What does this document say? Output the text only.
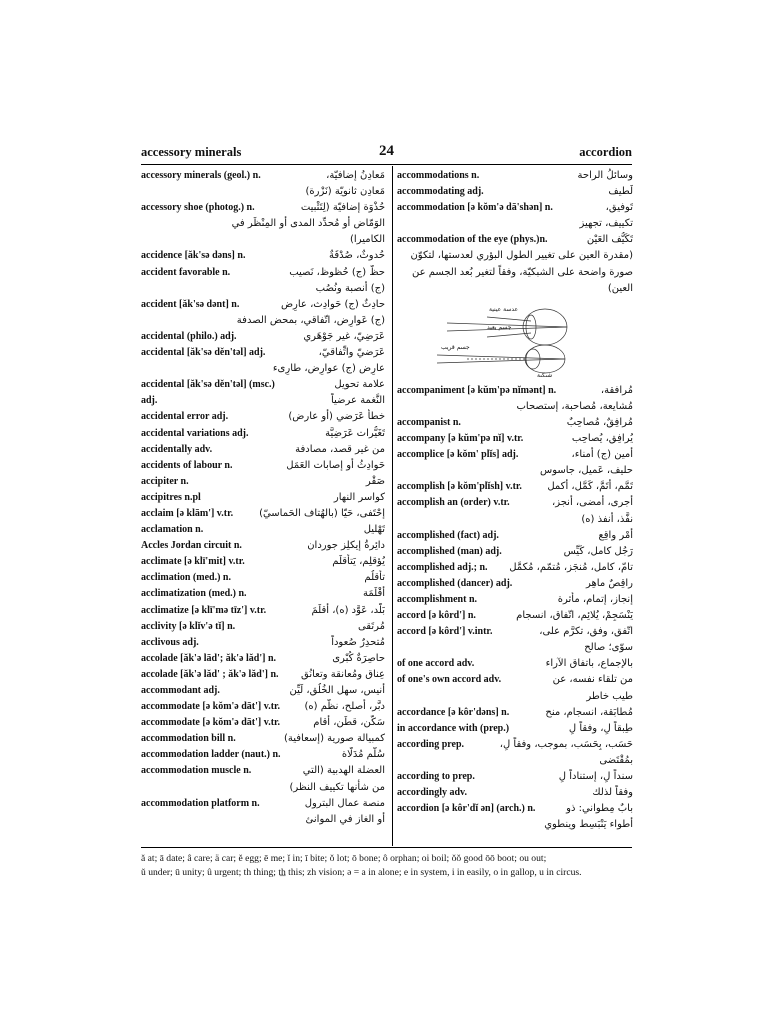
accessory minerals	24	accordion
accessory minerals (geol.) n.	مَعادِنُ إضافيّة،
مَعادِن ثانويّة (نَزْرة)
accessory shoe (photog.) n.	حُذْوَة إضافيّة (لِتَثْبيت
الوَمّاض أو مُحدِّد المدى أو المِنْظَر في
الكاميرا)
accidence [ăk'sə dəns] n.	حُدوثٌ، صُدْفَةٌ
accident favorable n.	حظّ (ج) حُظوظ، نَصيب
(ج) أنصبة ونُصُب
accident [ăk'sə dənt] n.	حادِثٌ (ج) حَوادِث، عارِض
(ج) عَوارِض، اتّفاقي، بمحض الصدفة
accidental (philo.) adj.	عَرَضِيّ، غير جَوْهَري
accidental [ăk'sə děn'təl] adj.	عَرَضيّ واتِّفاقيّ،
عارِض (ج) عوارِض، طارِىء
accidental [ăk'sə děn'təl] (msc.)	علامة تحويل
adj.	النَّغمة عرضياً
accidental error adj.	خطأ عَرَضي (أو عارض)
accidental variations adj.	تَغَيُّرات عَرَضِيَّة
accidentally adv.	من غير قصد، مصادفة
accidents of labour n.	حَوادِثُ أو إصابات العَمَل
accipiter n.	صَقْر
accipitres n.pl	كواسر النهار
acclaim [ə klām'] v.tr.	إحْتَفى، حَيّا (بالهُتاف الحَماسيّ)
acclamation n.	تَهْليل
Accles Jordan circuit n.	دائِرةُ إيكلِز جوردان
acclimate [ə klī'mit] v.tr.	يُؤقلِم، يَتأقلَم
acclimation (med.) n.	تأقلُم
acclimatization (med.) n.	أقْلَمَة
acclimatize [ə klī'mə tīz'] v.tr.	بَلَّد، عَوَّد (ه)، أقلَمَ
acclivity [ə klĭv'ə tĭ] n.	مُرتَقى
acclivous adj.	مُتحدِرٌ صُعوداً
accolade [ăk'ə lād'; ăk'ə lăd'] n.	حاصِرَةٌ كُبْرى
accolade [ăk'ə lăd' ; ăk'ə lăd'] n. عِناق ومُعانقة وتعانُق
accommodant adj.	أنيس، سهل الخُلُق، لَيِّن
accommodate [ə kŏm'ə dāt'] v.tr. دبَّر، أصلح، نظَّم (ه)
accommodate [ə kŏm'ə dāt'] v.tr.	سَكَّن، قطَن، أقام
accommodation bill n.	كمبيالة صورية (إسعافية)
accommodation ladder (naut.) n.	سُلَّم مُدَلّاة
accommodation muscle n.	العضلة الهدبية (التي
من شأنها تكييف النظر)
accommodation platform n.	منصة عمال البترول
أو الغاز في الموانئ
accommodations n.	وسائلُ الراحة
accommodating adj.	لَطيف
accommodation [ə kŏm'ə dā'shən] n.	تَوفيق،
تكييف، تجهيز
accommodation of the eye (phys.)n.	تَكَيُّف العَيْن
(مقدرة العين على تغيير الطول البؤري لعدستها، لتكوّن
صورة واضحة على الشبكيّة، وفقاً لتغير بُعد الجسم عن
العين)
عدسة عينية
جسم بعيد
جسم قريب
شبكية
accompaniment [ə kŭm'pə nĭmənt] n.	مُرافقة،
مُشايعة، مُصاحبة، إستصحاب
accompanist n.	مُرافِقٌ، مُصاحِبٌ
accompany [ə kŭm'pə nĭ] v.tr.	يُرافِق، يُصاحِب
accomplice [ə kŏm' plĭs] adj.	أمين (ج) أمناء،
حليف، عَميل، جاسوس
accomplish [ə kŏm'plĭsh] v.tr.	تَمَّم، أتَمَّ، كَمَّل، أكمل
accomplish an (order) v.tr.	أجرى، أمضى، أنجز،
نفَّذ، أنفذ (ه)
accomplished (fact) adj.	أمْر واقِع
accomplished (man) adj.	رَجُل كامل، كَيِّس
accomplished adj.; n. تامّ، كامل، مُنجَز، مُتمّم، مُكمَّل
accomplished (dancer) adj.	راقِصٌ ماهِر
accomplishment n.	إنجاز، إتمام، مأثرة
accord [ə kôrd'] n.	يَنْسَجِمْ، يُلائِم، اتّفاق، انسجام
accord [ə kôrd'] v.intr.	اتّفق، وفق، تكرَّم على،
سوّى؛ صالح
of one accord adv.	بالإجماع، باتفاق الآراء
of one's own accord adv.	من تلقاء نفسه، عن
طيب خاطر
accordance [ə kôr'dəns] n.	مُطابَقة، انسجام، منح
in accordance with (prep.)	طِبقاً لِ، وفقاً لِ
according prep.	حَسَب، بِحَسَب، بموجب، وفقاً لِ،
بمُقْتَضى
according to prep.	سنداً لِ، إستناداً لِ
accordingly adv.	وفقاً لذلك
accordion [ə kôr'dĭ ən] (arch.) n.	بابٌ مِطواني: ذو
أطواء يَنْبَسِط وينطوي
ă at; ā date; â care; ä car; ĕ egg; ē me; ĭ in; ī bite; ŏ lot; ō bone; ô orphan; oi boil; ŏŏ good ōō boot; ou out;
ŭ under; ū unity; û urgent; th thing; t͟h this; zh vision; ə = a in alone; e in system, i in easily, o in gallop, u in circus.
